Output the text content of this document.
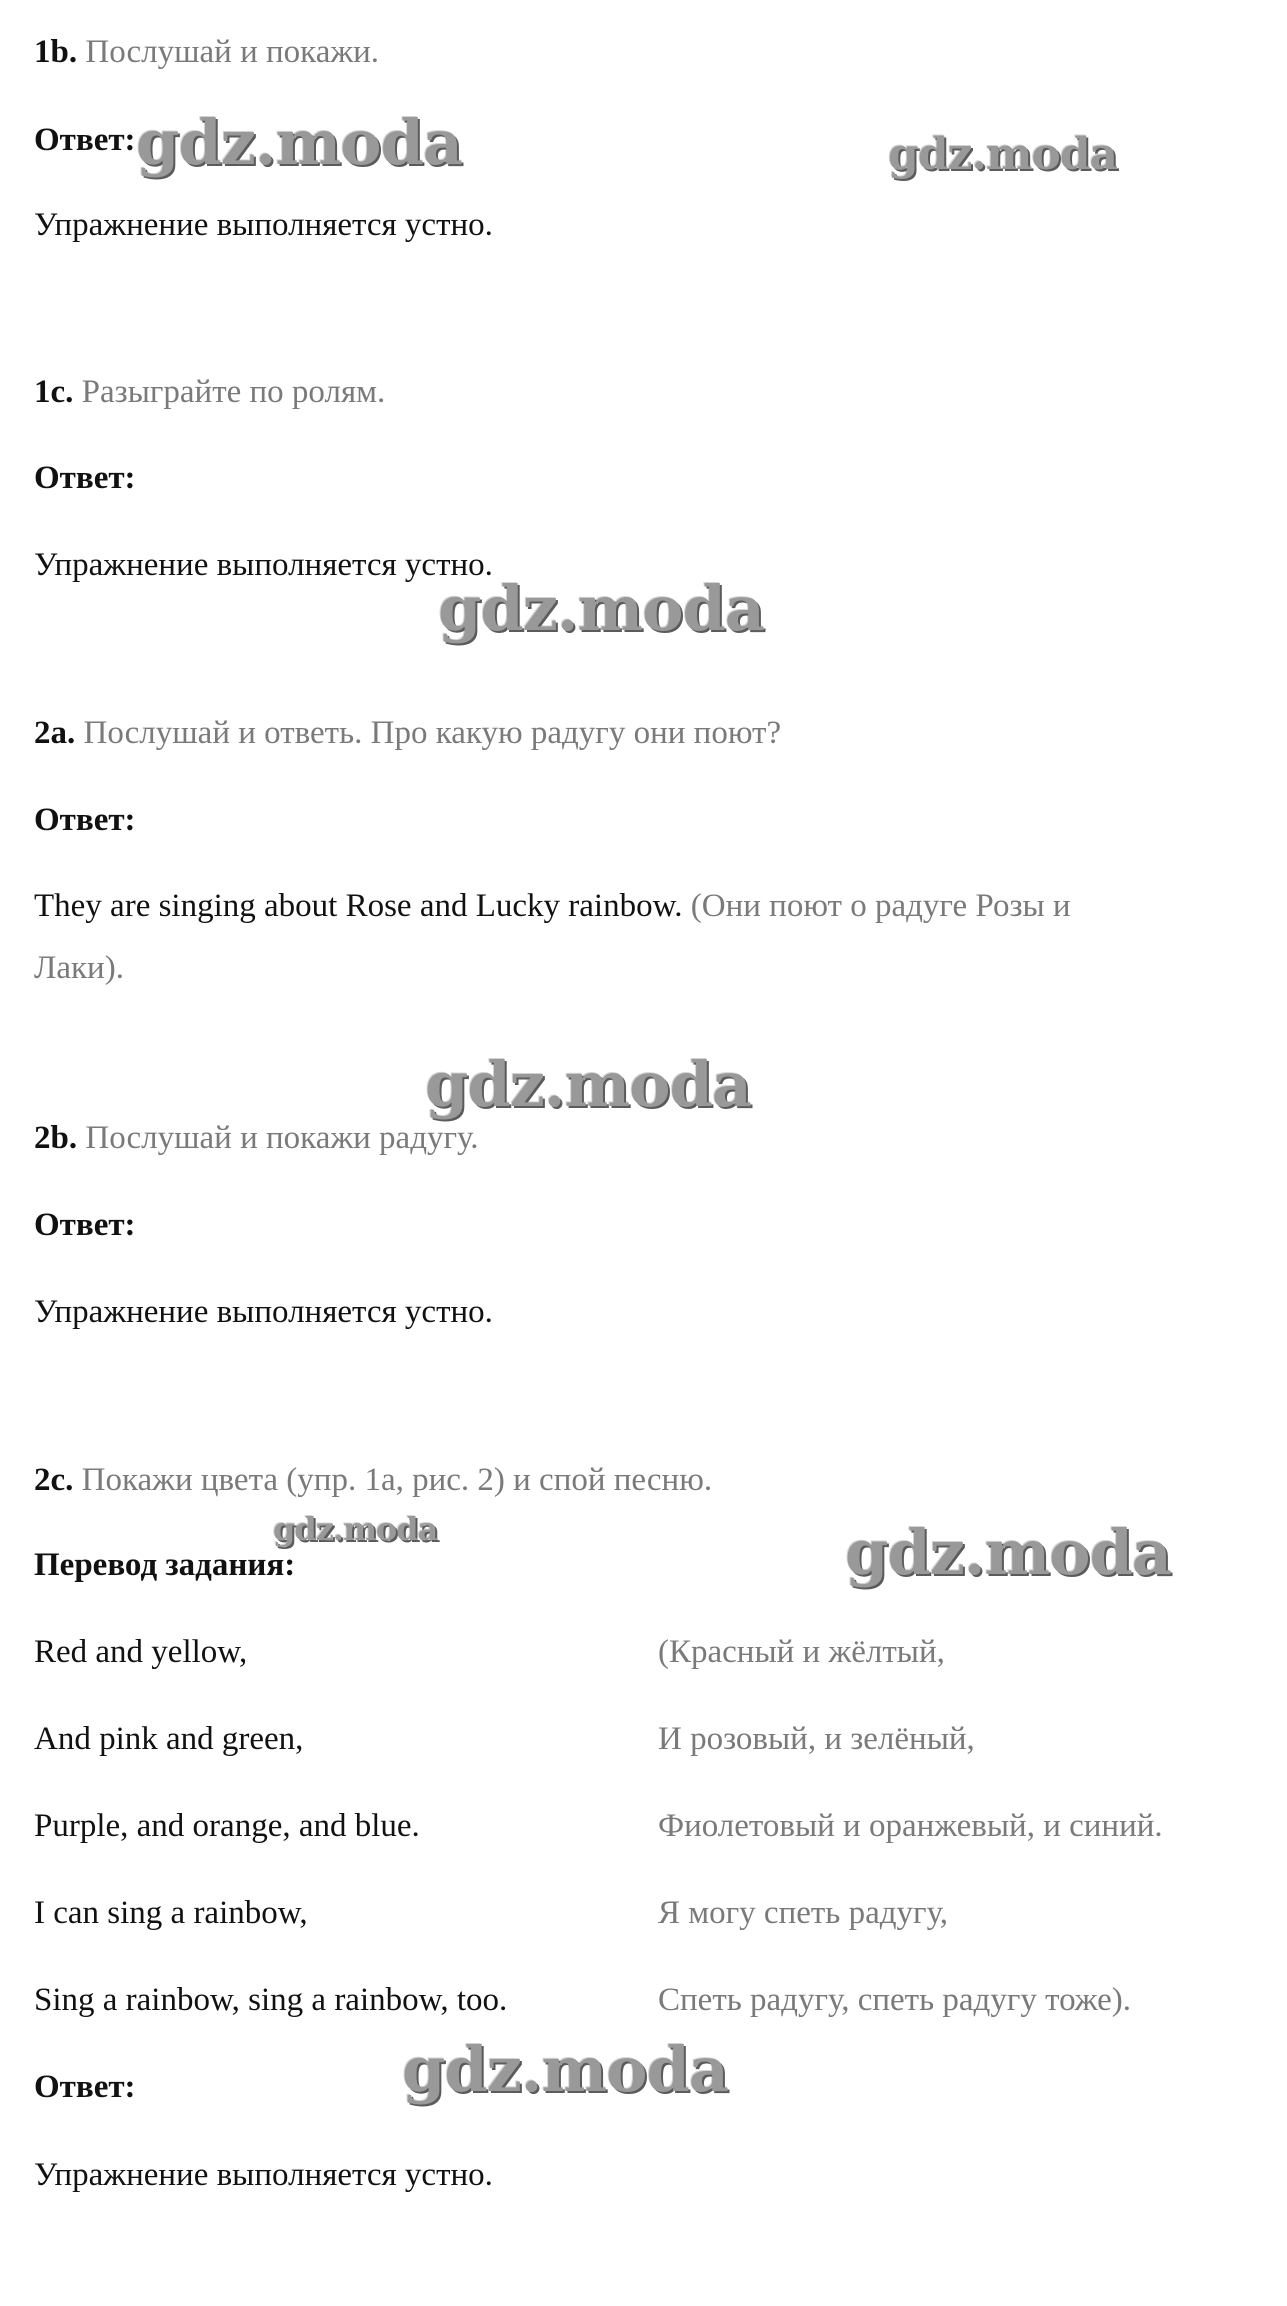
1b. Послушай и покажи.
Ответ:
Упражнение выполняется устно.
1c. Разыграйте по ролям.
Ответ:
Упражнение выполняется устно.
2a. Послушай и ответь. Про какую радугу они поют?
Ответ:
They are singing about Rose and Lucky rainbow. (Они поют о радуге Розы и
Лаки).
2b. Послушай и покажи радугу.
Ответ:
Упражнение выполняется устно.
2c. Покажи цвета (упр. 1a, рис. 2) и спой песню.
Перевод задания:
Red and yellow,	(Красный и жёлтый,
And pink and green,	И розовый, и зелёный,
Purple, and orange, and blue.	Фиолетовый и оранжевый, и синий.
I can sing a rainbow,	Я могу спеть радугу,
Sing a rainbow, sing a rainbow, too.	Спеть радугу, спеть радугу тоже).
Ответ:
Упражнение выполняется устно.
gdz.moda	gdz.moda
gdz.moda
gdz.moda
gdz.moda	gdz.moda
gdz.moda
